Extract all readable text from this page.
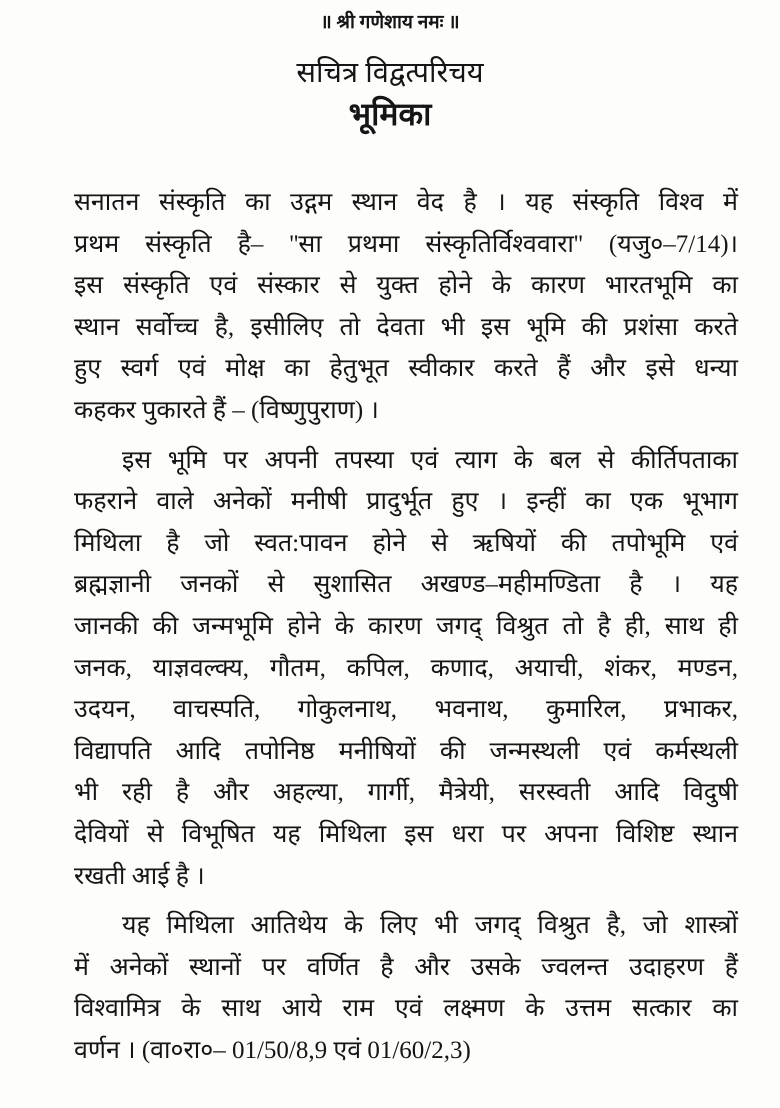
॥ श्री गणेशाय नमः ॥
सचित्र विद्वत्परिचय
भूमिका
सनातन संस्कृति का उद्गम स्थान वेद है । यह संस्कृति विश्व में
प्रथम संस्कृति है– ''सा प्रथमा संस्कृतिर्विश्ववारा'' (यजु०–7/14)।
इस संस्कृति एवं संस्कार से युक्त होने के कारण भारतभूमि का
स्थान सर्वोच्च है, इसीलिए तो देवता भी इस भूमि की प्रशंसा करते
हुए स्वर्ग एवं मोक्ष का हेतुभूत स्वीकार करते हैं और इसे धन्या
कहकर पुकारते हैं – (विष्णुपुराण) ।
इस भूमि पर अपनी तपस्या एवं त्याग के बल से कीर्तिपताका
फहराने वाले अनेकों मनीषी प्रादुर्भूत हुए । इन्हीं का एक भूभाग
मिथिला है जो स्वत:पावन होने से ऋषियों की तपोभूमि एवं
ब्रह्मज्ञानी जनकों से सुशासित अखण्ड–महीमण्डिता है । यह
जानकी की जन्मभूमि होने के कारण जगद् विश्रुत तो है ही, साथ ही
जनक, याज्ञवल्क्य, गौतम, कपिल, कणाद, अयाची, शंकर, मण्डन,
उदयन, वाचस्पति, गोकुलनाथ, भवनाथ, कुमारिल, प्रभाकर,
विद्यापति आदि तपोनिष्ठ मनीषियों की जन्मस्थली एवं कर्मस्थली
भी रही है और अहल्या, गार्गी, मैत्रेयी, सरस्वती आदि विदुषी
देवियों से विभूषित यह मिथिला इस धरा पर अपना विशिष्ट स्थान
रखती आई है ।
यह मिथिला आतिथेय के लिए भी जगद् विश्रुत है, जो शास्त्रों
में अनेकों स्थानों पर वर्णित है और उसके ज्वलन्त उदाहरण हैं
विश्वामित्र के साथ आये राम एवं लक्ष्मण के उत्तम सत्कार का
वर्णन । (वा०रा०– 01/50/8,9 एवं 01/60/2,3)
